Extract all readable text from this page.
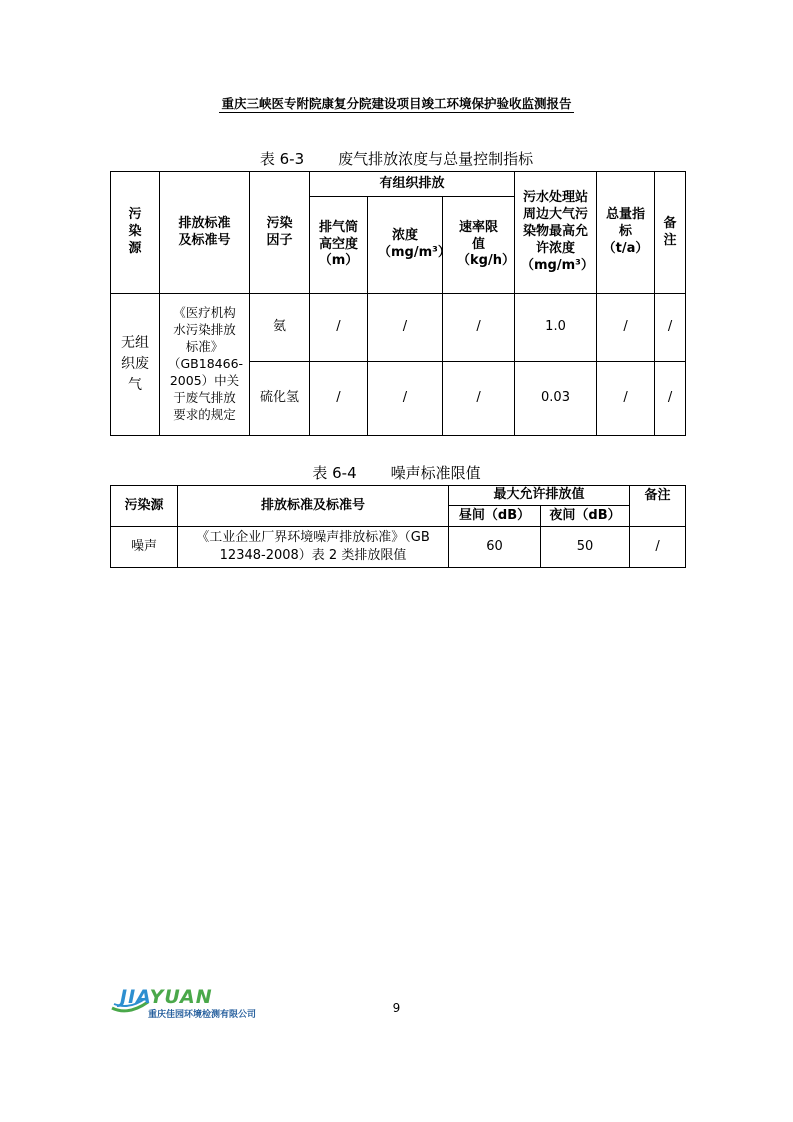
重庆三峡医专附院康复分院建设项目竣工环境保护验收监测报告
表 6-3 废气排放浓度与总量控制指标
污染源	排放标准及标准号	污染因子	有组织排放			污水处理站周边大气污染物最高允许浓度（mg/m³）	总量指标（t/a）	备注

			排气筒高空度（m）	浓度（mg/m³）	速率限值（kg/h）			

无组织废气	《医疗机构水污染排放标准》（GB18466-2005）中关于废气排放要求的规定	氨	/	/	/	1.0	/	/
		硫化氢	/	/	/	0.03	/	/
表 6-4 噪声标准限值
污染源	排放标准及标准号	最大允许排放值		备注
		昼间（dB）	夜间（dB）	
噪声	《工业企业厂界环境噪声排放标准》（GB 12348-2008）表 2 类排放限值	60	50	/
JIAYUAN
重庆佳园环境检测有限公司	9
